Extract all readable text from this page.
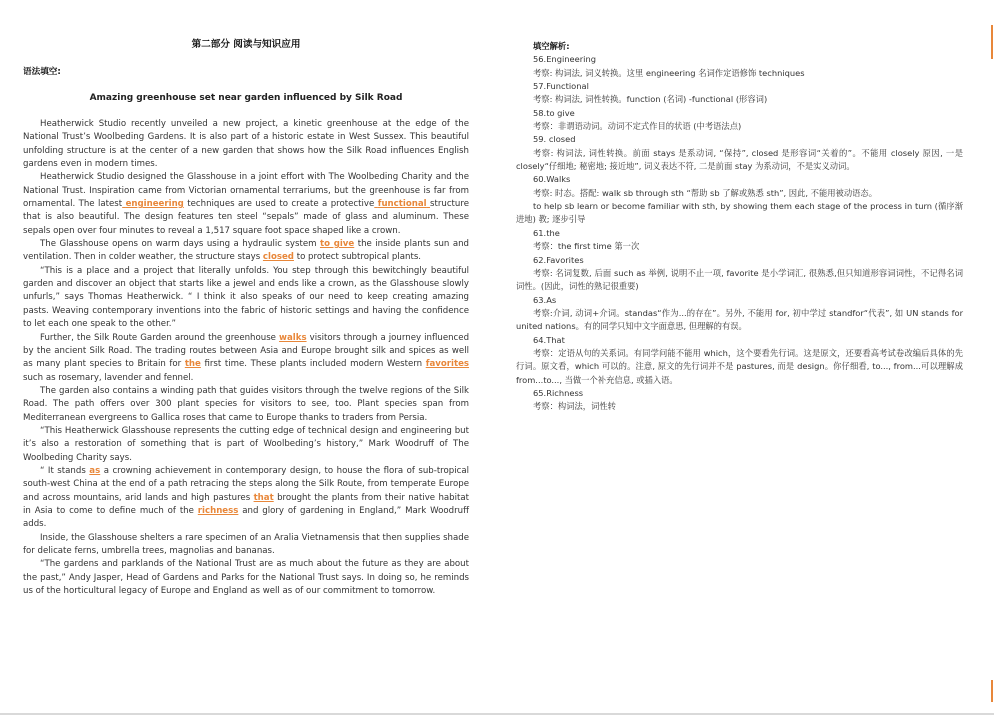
第二部分 阅读与知识应用
语法填空:
Amazing greenhouse set near garden influenced by Silk Road

Heatherwick Studio recently unveiled a new project, a kinetic greenhouse at the edge of the National Trust’s Woolbeding Gardens. It is also part of a historic estate in West Sussex. This beautiful unfolding structure is at the center of a new garden that shows how the Silk Road influences English gardens even in modern times.

Heatherwick Studio designed the Glasshouse in a joint effort with The Woolbeding Charity and the National Trust. Inspiration came from Victorian ornamental terrariums, but the greenhouse is far from ornamental. The latest engineering techniques are used to create a protective functional structure that is also beautiful. The design features ten steel “sepals” made of glass and aluminum. These sepals open over four minutes to reveal a 1,517 square foot space shaped like a crown.

The Glasshouse opens on warm days using a hydraulic system to give the inside plants sun and ventilation. Then in colder weather, the structure stays closed to protect subtropical plants.

“This is a place and a project that literally unfolds. You step through this bewitchingly beautiful garden and discover an object that starts like a jewel and ends like a crown, as the Glasshouse slowly unfurls,” says Thomas Heatherwick. “ I think it also speaks of our need to keep creating amazing pasts. Weaving contemporary inventions into the fabric of historic settings and having the confidence to let each one speak to the other.”

Further, the Silk Route Garden around the greenhouse walks visitors through a journey influenced by the ancient Silk Road. The trading routes between Asia and Europe brought silk and spices as well as many plant species to Britain for the first time. These plants included modern Western favorites such as rosemary, lavender and fennel.

The garden also contains a winding path that guides visitors through the twelve regions of the Silk Road. The path offers over 300 plant species for visitors to see, too. Plant species span from Mediterranean evergreens to Gallica roses that came to Europe thanks to traders from Persia.

“This Heatherwick Glasshouse represents the cutting edge of technical design and engineering but it’s also a restoration of something that is part of Woolbeding’s history,” Mark Woodruff of The Woolbeding Charity says.

“ It stands as a crowning achievement in contemporary design, to house the flora of sub-tropical south-west China at the end of a path retracing the steps along the Silk Route, from temperate Europe and across mountains, arid lands and high pastures that brought the plants from their native habitat in Asia to come to define much of the richness and glory of gardening in England,” Mark Woodruff adds.

Inside, the Glasshouse shelters a rare specimen of an Aralia Vietnamensis that then supplies shade for delicate ferns, umbrella trees, magnolias and bananas.

“The gardens and parklands of the National Trust are as much about the future as they are about the past,” Andy Jasper, Head of Gardens and Parks for the National Trust says. In doing so, he reminds us of the horticultural legacy of Europe and England as well as of our commitment to tomorrow.

填空解析:
56.Engineering

考察: 构词法, 词义转换。这里 engineering 名词作定语修饰 techniques

57.Functional

考察: 构词法, 词性转换。function (名词) -functional (形容词)

58.to give

考察：非谓语动词。动词不定式作目的状语 (中考语法点)

59. closed

考察: 构词法, 词性转换。前面 stays 是系动词, “保持”, closed 是形容词“关着的”。不能用 closely 原因, 一是 closely“仔细地; 秘密地; 接近地”, 词义表达不符, 二是前面 stay 为系动词，不是实义动词。

60.Walks

考察: 时态。搭配: walk sb through sth “帮助 sb 了解或熟悉 sth”, 因此, 不能用被动语态。

to help sb learn or become familiar with sth, by showing them each stage of the process in turn (循序渐进地) 教; 逐步引导

61.the

考察：the first time 第一次

62.Favorites

考察: 名词复数, 后面 such as 举例, 说明不止一项, favorite 是小学词汇, 很熟悉,但只知道形容词词性，不记得名词词性。(因此，词性的熟记很重要)

63.As

考察:介词, 动词+介词。standas“作为...的存在”。另外, 不能用 for, 初中学过 standfor“代表”, 如 UN stands for united nations。有的同学只知中文字面意思, 但理解的有误。

64.That

考察：定语从句的关系词。有同学问能不能用 which，这个要看先行词。这是原文，还要看高考试卷改编后具体的先行词。原文看，which 可以的。注意, 原文的先行词并不是 pastures, 而是 design。你仔细看, to..., from...可以理解成 from...to..., 当做一个补充信息, 或插入语。

65.Richness

考察：构词法，词性转
